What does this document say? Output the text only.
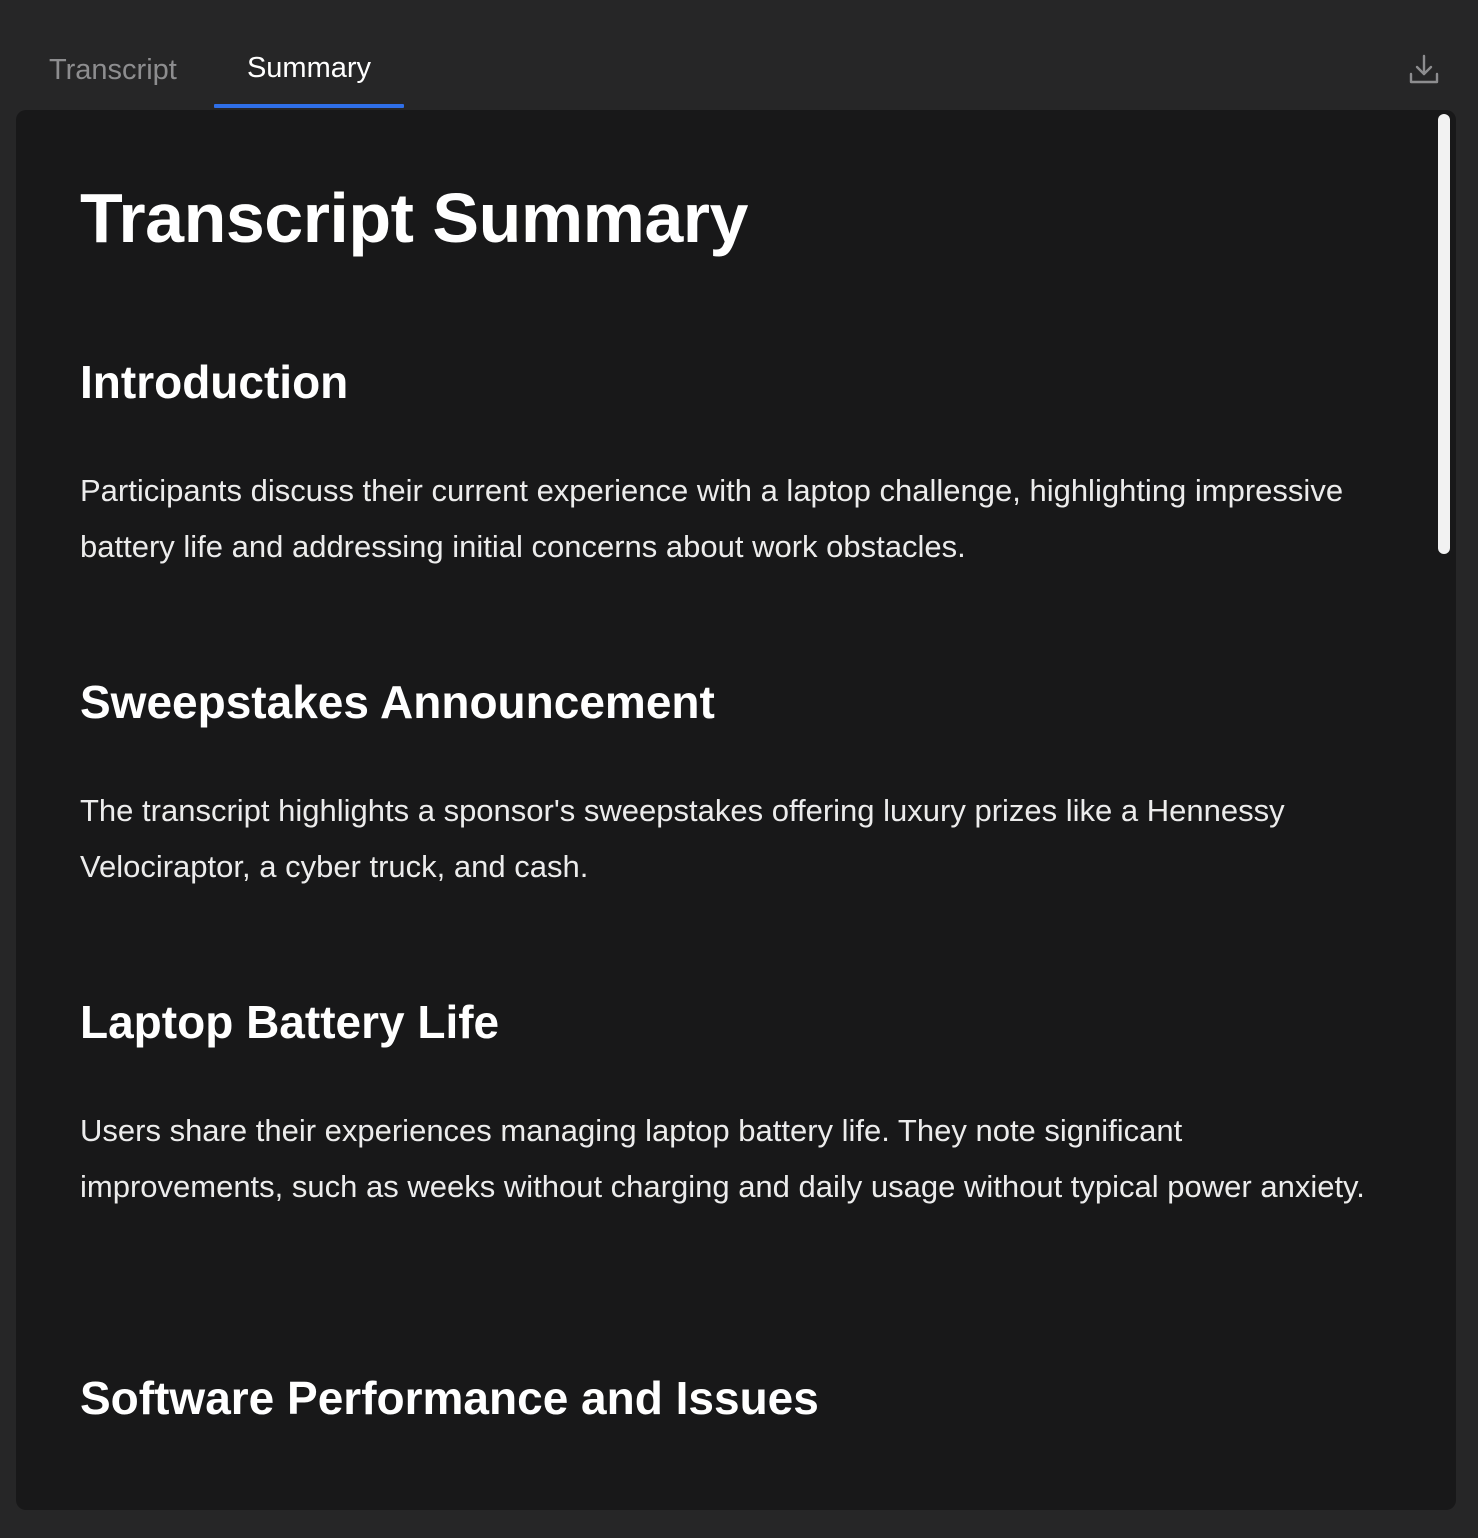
Transcript	Summary
Transcript Summary
Introduction
Participants discuss their current experience with a laptop challenge, highlighting impressive battery life and addressing initial concerns about work obstacles.
Sweepstakes Announcement
The transcript highlights a sponsor's sweepstakes offering luxury prizes like a Hennessy Velociraptor, a cyber truck, and cash.
Laptop Battery Life
Users share their experiences managing laptop battery life. They note significant improvements, such as weeks without charging and daily usage without typical power anxiety.
Software Performance and Issues
